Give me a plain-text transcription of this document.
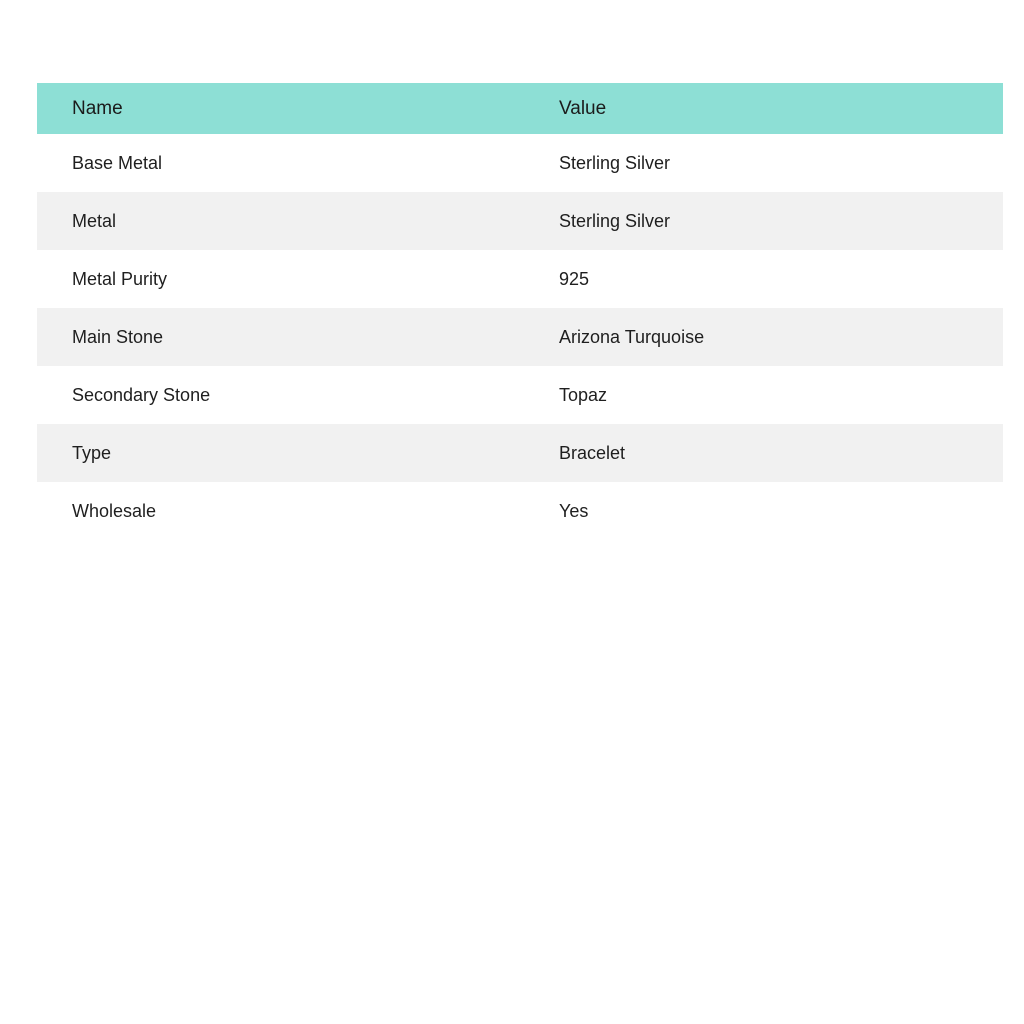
Name	Value
Base Metal	Sterling Silver
Metal	Sterling Silver
Metal Purity	925
Main Stone	Arizona Turquoise
Secondary Stone	Topaz
Type	Bracelet
Wholesale	Yes
